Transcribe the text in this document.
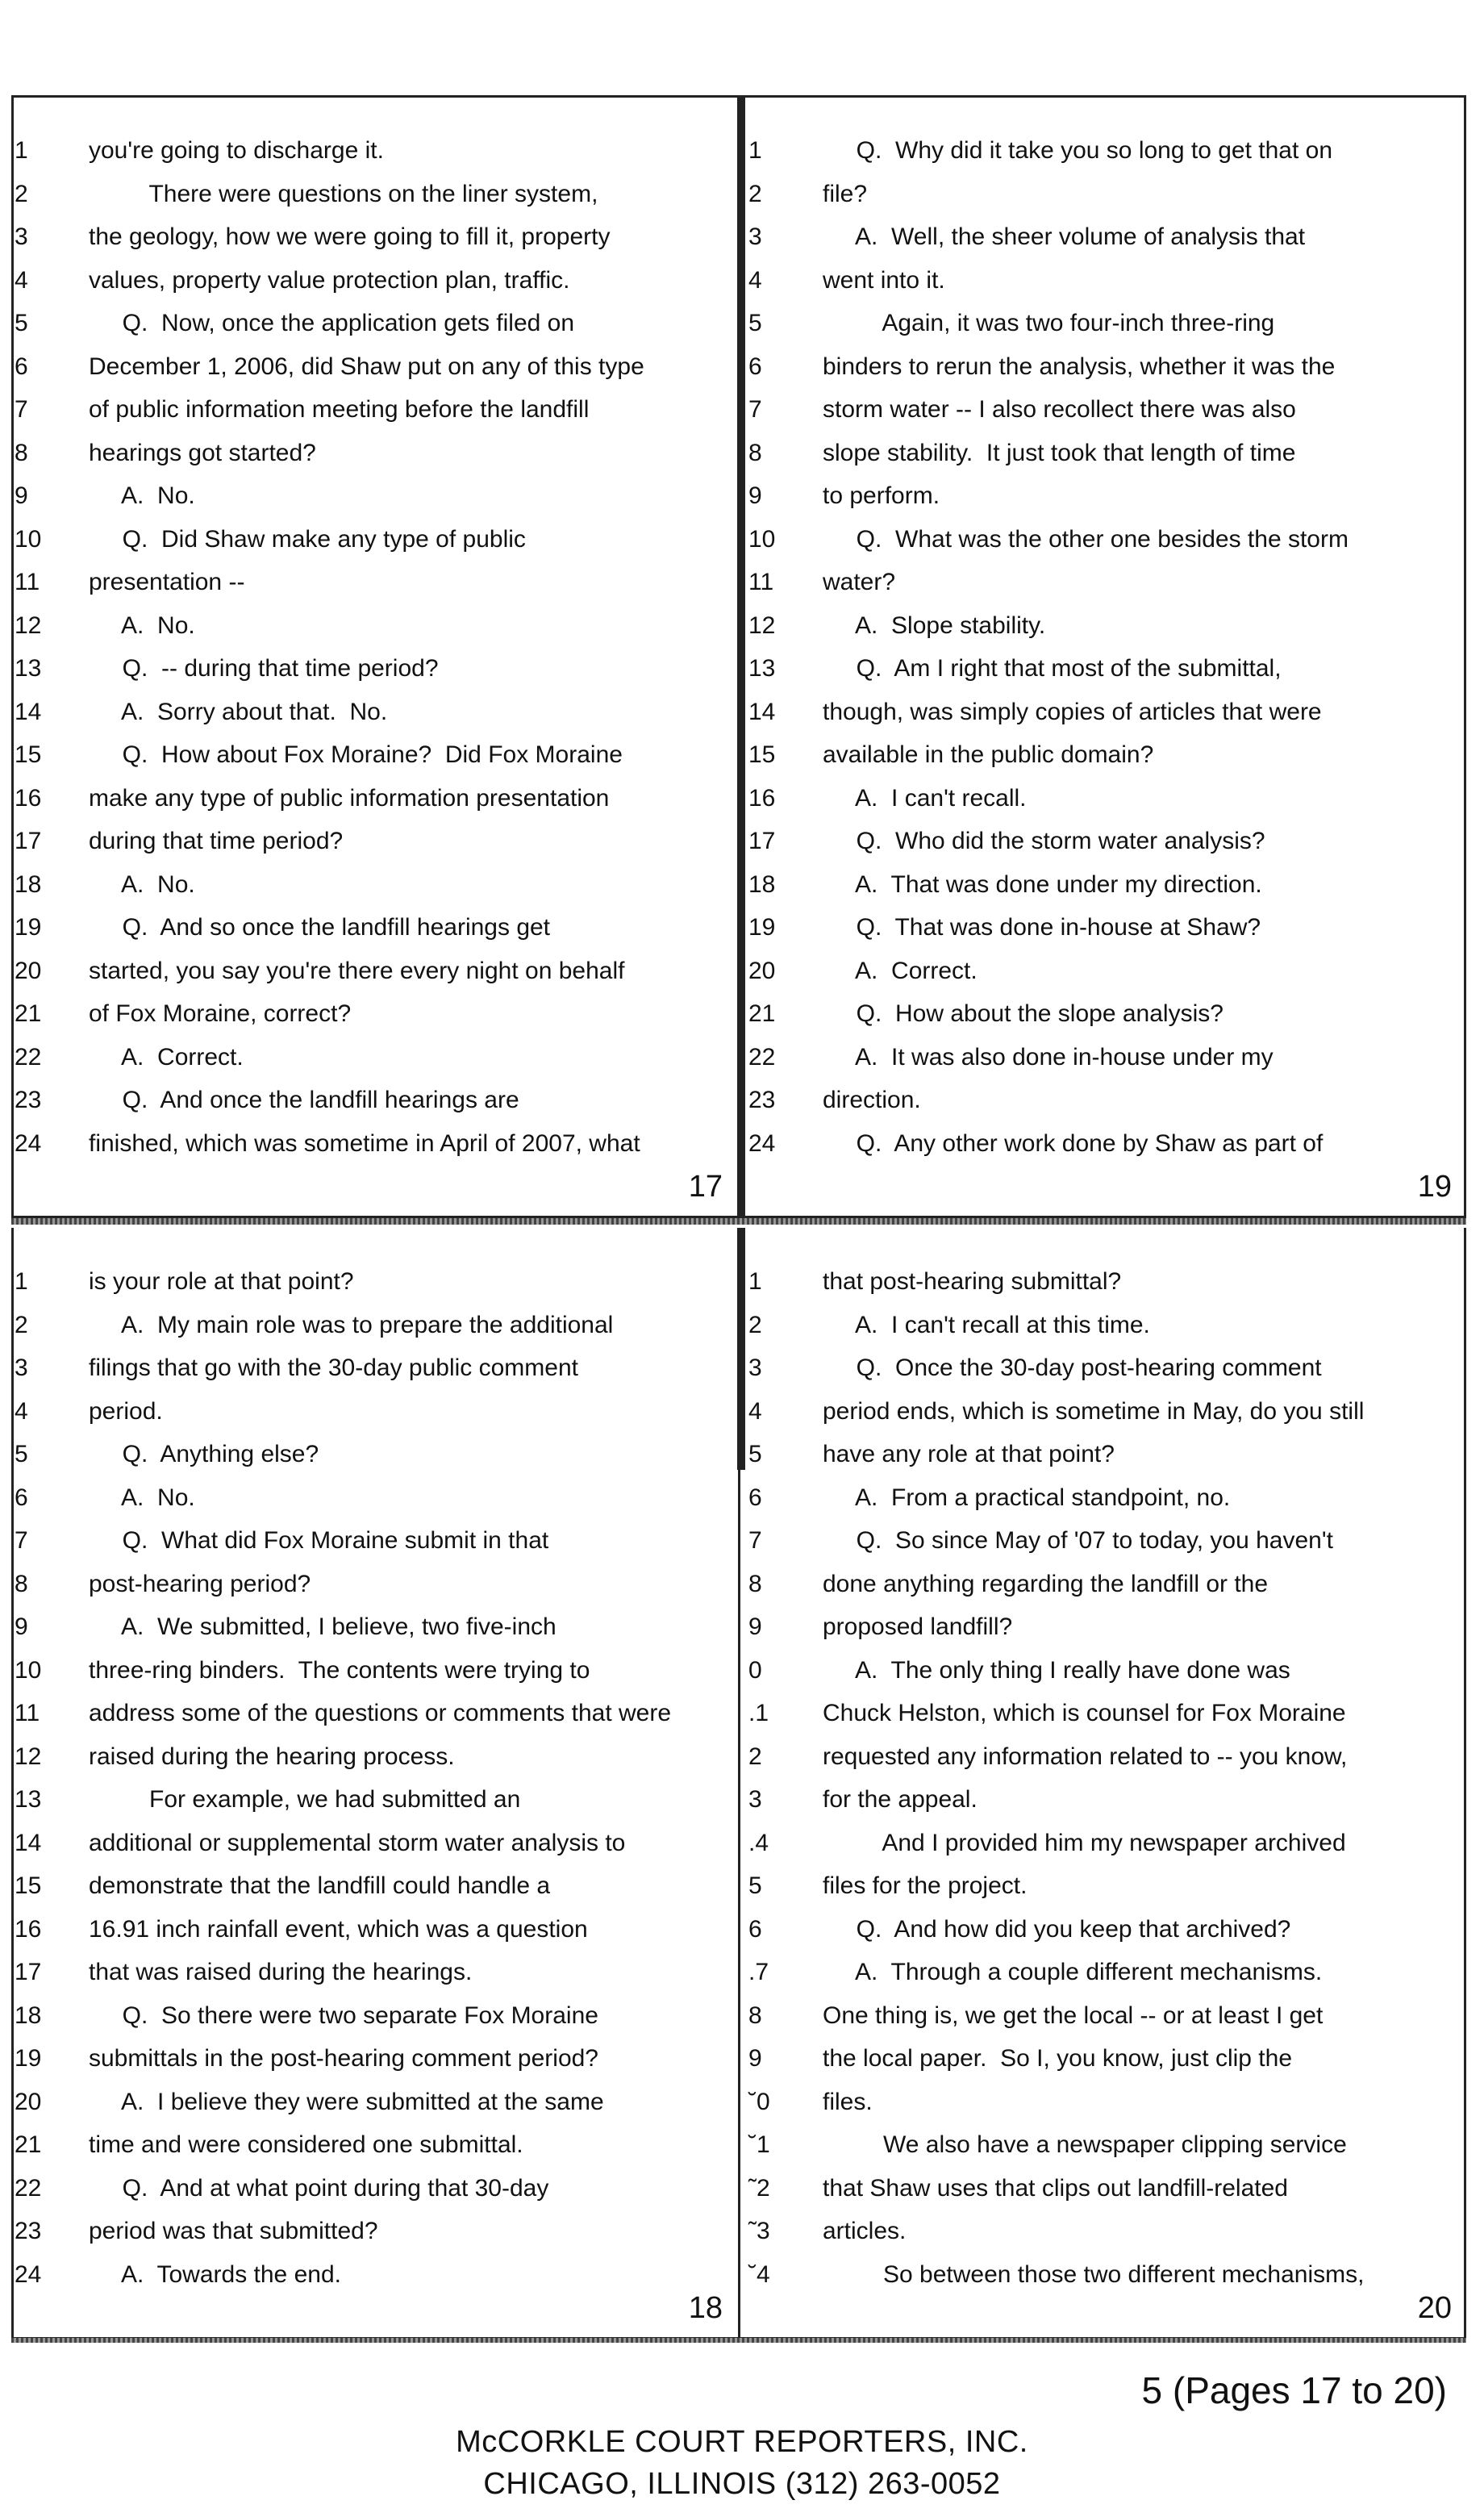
17
1	you're going to discharge it.
2	There were questions on the liner system,
3	the geology, how we were going to fill it, property
4	values, property value protection plan, traffic.
5	Q.  Now, once the application gets filed on
6	December 1, 2006, did Shaw put on any of this type
7	of public information meeting before the landfill
8	hearings got started?
9	A.  No.
10	Q.  Did Shaw make any type of public
11	presentation --
12	A.  No.
13	Q.  -- during that time period?
14	A.  Sorry about that.  No.
15	Q.  How about Fox Moraine?  Did Fox Moraine
16	make any type of public information presentation
17	during that time period?
18	A.  No.
19	Q.  And so once the landfill hearings get
20	started, you say you're there every night on behalf
21	of Fox Moraine, correct?
22	A.  Correct.
23	Q.  And once the landfill hearings are
24	finished, which was sometime in April of 2007, what
19
1	Q.  Why did it take you so long to get that on
2	file?
3	A.  Well, the sheer volume of analysis that
4	went into it.
5	Again, it was two four-inch three-ring
6	binders to rerun the analysis, whether it was the
7	storm water -- I also recollect there was also
8	slope stability.  It just took that length of time
9	to perform.
10	Q.  What was the other one besides the storm
11	water?
12	A.  Slope stability.
13	Q.  Am I right that most of the submittal,
14	though, was simply copies of articles that were
15	available in the public domain?
16	A.  I can't recall.
17	Q.  Who did the storm water analysis?
18	A.  That was done under my direction.
19	Q.  That was done in-house at Shaw?
20	A.  Correct.
21	Q.  How about the slope analysis?
22	A.  It was also done in-house under my
23	direction.
24	Q.  Any other work done by Shaw as part of
18
1	is your role at that point?
2	A.  My main role was to prepare the additional
3	filings that go with the 30-day public comment
4	period.
5	Q.  Anything else?
6	A.  No.
7	Q.  What did Fox Moraine submit in that
8	post-hearing period?
9	A.  We submitted, I believe, two five-inch
10	three-ring binders.  The contents were trying to
11	address some of the questions or comments that were
12	raised during the hearing process.
13	For example, we had submitted an
14	additional or supplemental storm water analysis to
15	demonstrate that the landfill could handle a
16	16.91 inch rainfall event, which was a question
17	that was raised during the hearings.
18	Q.  So there were two separate Fox Moraine
19	submittals in the post-hearing comment period?
20	A.  I believe they were submitted at the same
21	time and were considered one submittal.
22	Q.  And at what point during that 30-day
23	period was that submitted?
24	A.  Towards the end.
20
1	that post-hearing submittal?
2	A.  I can't recall at this time.
3	Q.  Once the 30-day post-hearing comment
4	period ends, which is sometime in May, do you still
5	have any role at that point?
6	A.  From a practical standpoint, no.
7	Q.  So since May of '07 to today, you haven't
8	done anything regarding the landfill or the
9	proposed landfill?
0	A.  The only thing I really have done was
.1	Chuck Helston, which is counsel for Fox Moraine
2	requested any information related to -- you know,
3	for the appeal.
.4	And I provided him my newspaper archived
5	files for the project.
6	Q.  And how did you keep that archived?
.7	A.  Through a couple different mechanisms.
8	One thing is, we get the local -- or at least I get
9	the local paper.  So I, you know, just clip the
˘0	files.
˘1	We also have a newspaper clipping service
˜2	that Shaw uses that clips out landfill-related
˜3	articles.
˘4	So between those two different mechanisms,
5 (Pages 17 to 20)
McCORKLE COURT REPORTERS, INC.
CHICAGO, ILLINOIS (312) 263-0052
